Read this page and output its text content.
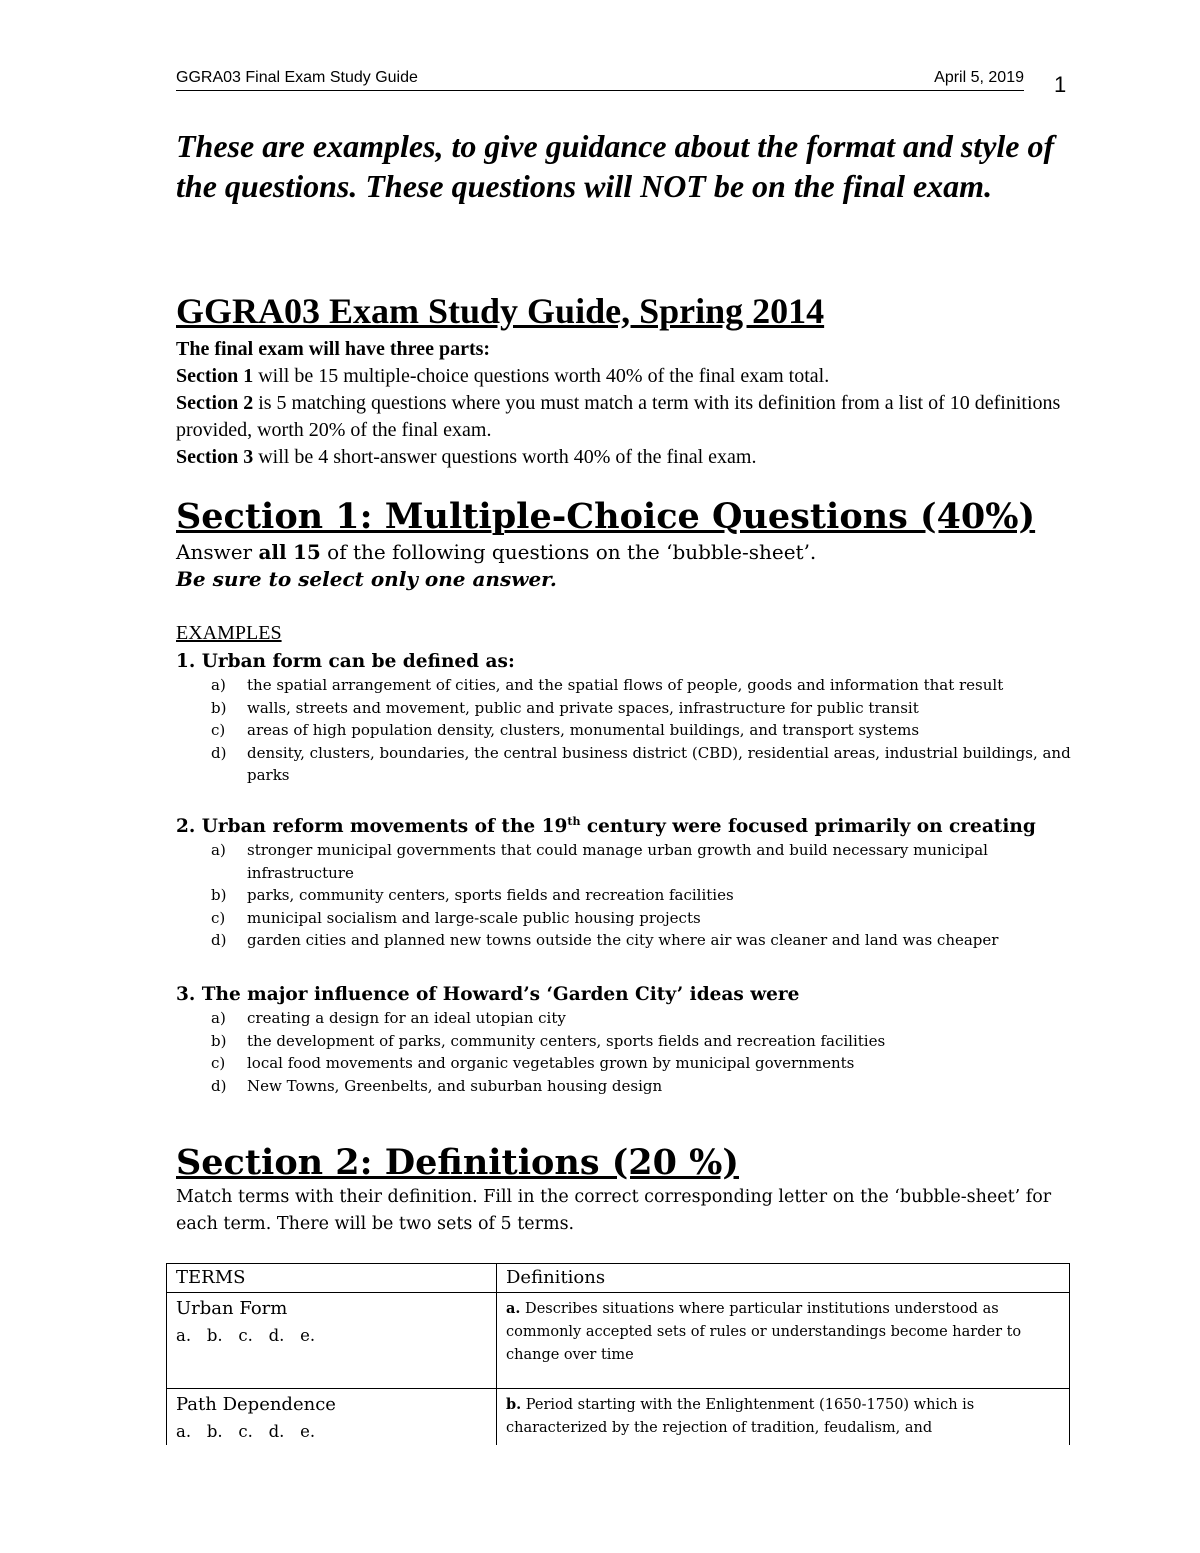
GGRA03 Final Exam Study Guide	April 5, 2019 1
These are examples, to give guidance about the format and style of the questions. These questions will NOT be on the final exam.
GGRA03 Exam Study Guide, Spring 2014
The final exam will have three parts:
Section 1 will be 15 multiple-choice questions worth 40% of the final exam total.
Section 2 is 5 matching questions where you must match a term with its definition from a list of 10 definitions provided, worth 20% of the final exam.
Section 3 will be 4 short-answer questions worth 40% of the final exam.
Section 1: Multiple-Choice Questions (40%)
Answer all 15 of the following questions on the ‘bubble-sheet’.
Be sure to select only one answer.
EXAMPLES
1. Urban form can be defined as:
a) the spatial arrangement of cities, and the spatial flows of people, goods and information that result
b) walls, streets and movement, public and private spaces, infrastructure for public transit
c) areas of high population density, clusters, monumental buildings, and transport systems
d) density, clusters, boundaries, the central business district (CBD), residential areas, industrial buildings, and parks
2. Urban reform movements of the 19th century were focused primarily on creating
a) stronger municipal governments that could manage urban growth and build necessary municipal infrastructure
b) parks, community centers, sports fields and recreation facilities
c) municipal socialism and large-scale public housing projects
d) garden cities and planned new towns outside the city where air was cleaner and land was cheaper
3. The major influence of Howard’s ‘Garden City’ ideas were
a) creating a design for an ideal utopian city
b) the development of parks, community centers, sports fields and recreation facilities
c) local food movements and organic vegetables grown by municipal governments
d) New Towns, Greenbelts, and suburban housing design
Section 2: Definitions (20 %)
Match terms with their definition. Fill in the correct corresponding letter on the ‘bubble-sheet’ for each term. There will be two sets of 5 terms.
TERMS	Definitions

Urban Form
a.   b.   c.   d.   e.	a. Describes situations where particular institutions understood as commonly accepted sets of rules or understandings become harder to change over time

Path Dependence
a.   b.   c.   d.   e.	b. Period starting with the Enlightenment (1650-1750) which is characterized by the rejection of tradition, feudalism, and
